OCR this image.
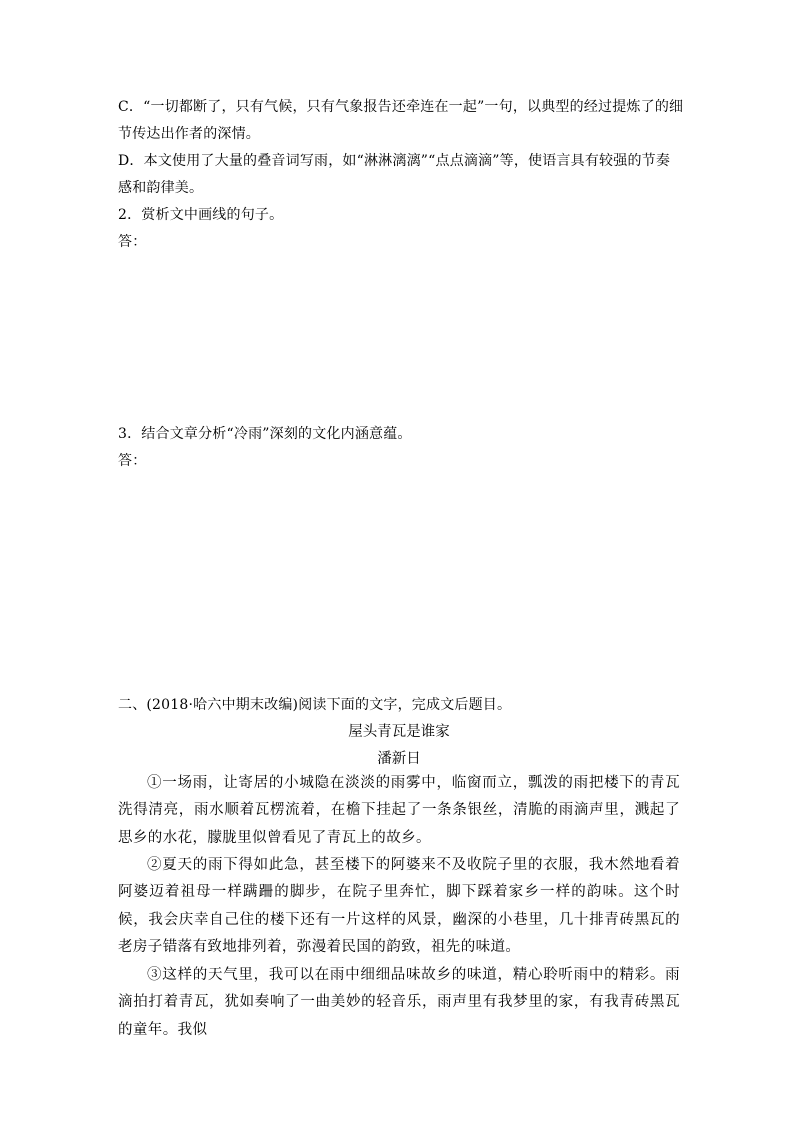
C．“一切都断了，只有气候，只有气象报告还牵连在一起”一句，以典型的经过提炼了的细
节传达出作者的深情。
D．本文使用了大量的叠音词写雨，如“淋淋漓漓”“点点滴滴”等，使语言具有较强的节奏
感和韵律美。
2．赏析文中画线的句子。
答：
3．结合文章分析“冷雨”深刻的文化内涵意蕴。
答：
二、(2018·哈六中期末改编)阅读下面的文字，完成文后题目。
屋头青瓦是谁家
潘新日
①一场雨，让寄居的小城隐在淡淡的雨雾中，临窗而立，瓢泼的雨把楼下的青瓦洗得清亮，雨水顺着瓦楞流着，在檐下挂起了一条条银丝，清脆的雨滴声里，溅起了思乡的水花，朦胧里似曾看见了青瓦上的故乡。
②夏天的雨下得如此急，甚至楼下的阿婆来不及收院子里的衣服，我木然地看着阿婆迈着祖母一样蹒跚的脚步，在院子里奔忙，脚下踩着家乡一样的韵味。这个时候，我会庆幸自己住的楼下还有一片这样的风景，幽深的小巷里，几十排青砖黑瓦的老房子错落有致地排列着，弥漫着民国的韵致，祖先的味道。
③这样的天气里，我可以在雨中细细品味故乡的味道，精心聆听雨中的精彩。雨滴拍打着青瓦，犹如奏响了一曲美妙的轻音乐，雨声里有我梦里的家，有我青砖黑瓦的童年。我似
